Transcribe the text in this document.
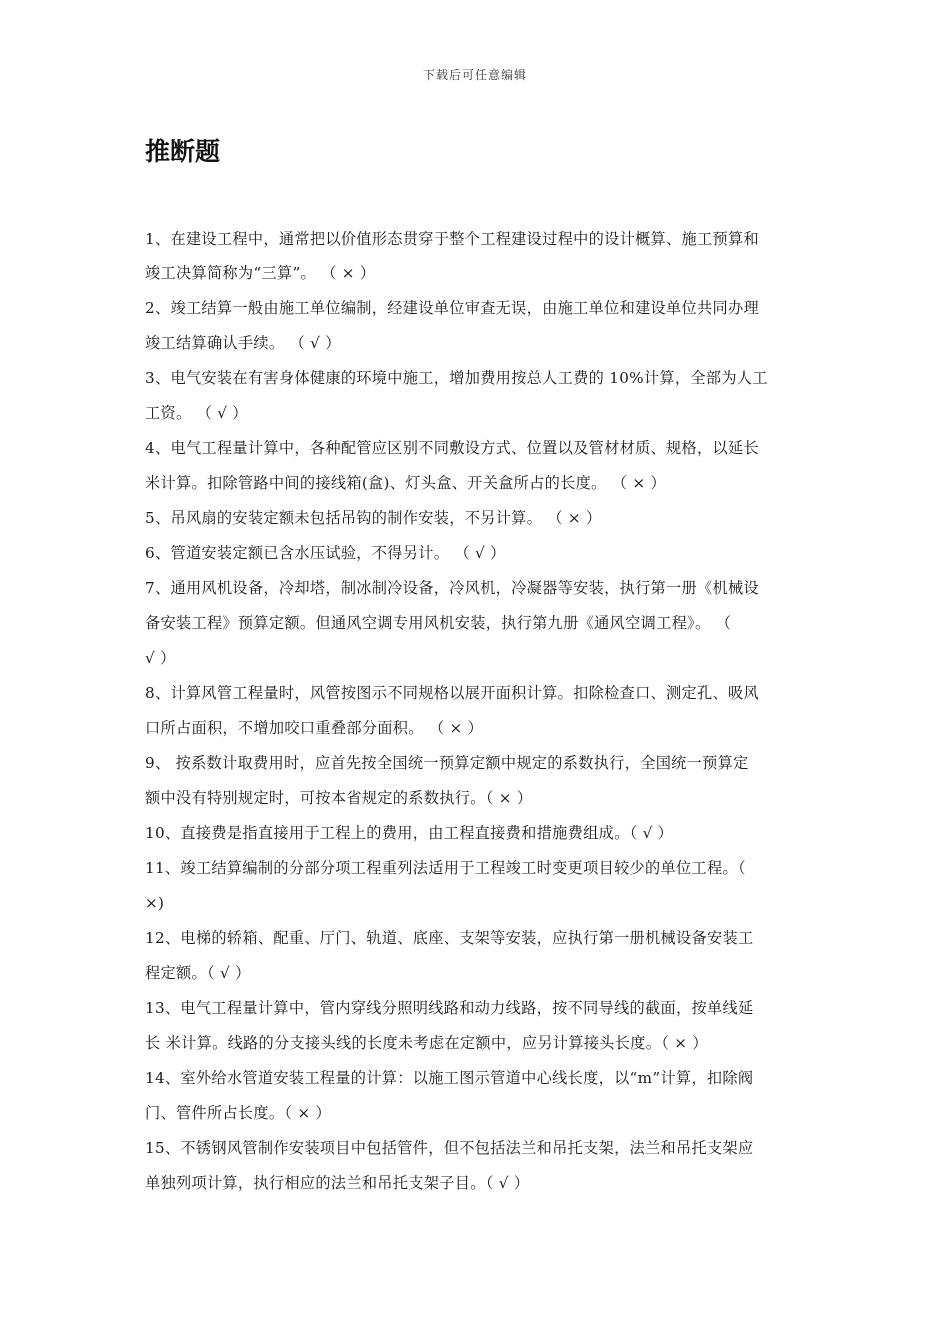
下载后可任意编辑
推断题
1、在建设工程中，通常把以价值形态贯穿于整个工程建设过程中的设计概算、施工预算和
竣工决算简称为“三算”。 （ × ）
2、竣工结算一般由施工单位编制，经建设单位审查无误，由施工单位和建设单位共同办理
竣工结算确认手续。 （ √ ）
3、电气安装在有害身体健康的环境中施工，增加费用按总人工费的 10%计算，全部为人工
工资。 （ √ ）
4、电气工程量计算中，各种配管应区别不同敷设方式、位置以及管材材质、规格，以延长
米计算。扣除管路中间的接线箱(盒)、灯头盒、开关盒所占的长度。 （ × ）
5、吊风扇的安装定额未包括吊钩的制作安装，不另计算。 （ × ）
6、管道安装定额已含水压试验，不得另计。 （ √ ）
7、通用风机设备，冷却塔，制冰制冷设备，冷风机，冷凝器等安装，执行第一册《机械设
备安装工程》预算定额。但通风空调专用风机安装，执行第九册《通风空调工程》。 （
√ ）
8、计算风管工程量时，风管按图示不同规格以展开面积计算。扣除检查口、测定孔、吸风
口所占面积，不增加咬口重叠部分面积。 （ × ）
9、 按系数计取费用时，应首先按全国统一预算定额中规定的系数执行，全国统一预算定
额中没有特别规定时，可按本省规定的系数执行。（ × ）
10、直接费是指直接用于工程上的费用，由工程直接费和措施费组成。（ √ ）
11、竣工结算编制的分部分项工程重列法适用于工程竣工时变更项目较少的单位工程。（
×)
12、电梯的轿箱、配重、厅门、轨道、底座、支架等安装，应执行第一册机械设备安装工
程定额。（ √ ）
13、电气工程量计算中，管内穿线分照明线路和动力线路，按不同导线的截面，按单线延
长 米计算。线路的分支接头线的长度未考虑在定额中，应另计算接头长度。（ × ）
14、室外给水管道安装工程量的计算：以施工图示管道中心线长度，以“m”计算，扣除阀
门、管件所占长度。（ × ）
15、不锈钢风管制作安装项目中包括管件，但不包括法兰和吊托支架，法兰和吊托支架应
单独列项计算，执行相应的法兰和吊托支架子目。（ √ ）
